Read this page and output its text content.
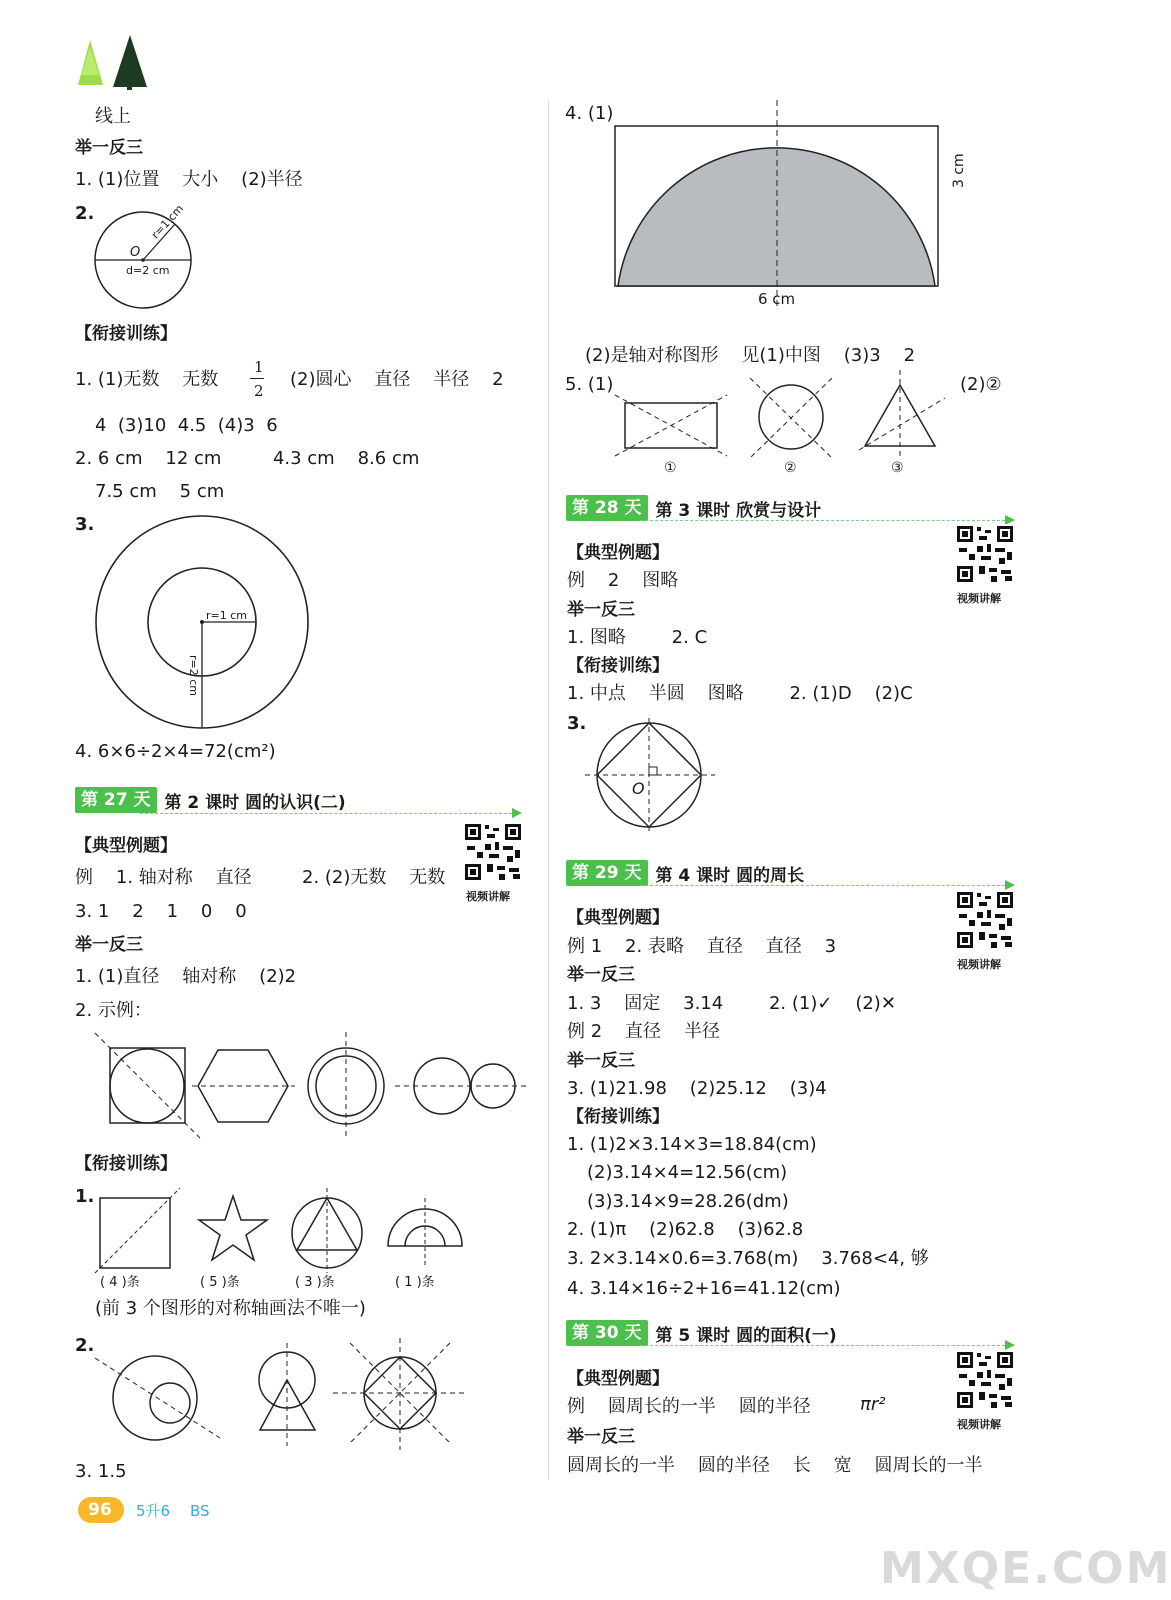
线上
举一反三
1. (1)位置    大小    (2)半径
2.
O
r=1 cm
d=2 cm
【衔接训练】
1. (1)无数    无数
1
2
(2)圆心    直径    半径    2
4  (3)10  4.5  (4)3  6
2. 6 cm    12 cm         4.3 cm    8.6 cm
7.5 cm    5 cm
3.
r=1 cm
r=2 cm
4. 6×6÷2×4=72(cm²)
第 27 天 第 2 课时 圆的认识(二)
【典型例题】
视频讲解
例    1. 轴对称    直径	2. (2)无数    无数
3. 1    2    1    0    0
举一反三
1. (1)直径    轴对称    (2)2
2. 示例：
【衔接训练】
1.
( 4 )条	( 5 )条	( 3 )条	( 1 )条
(前 3 个图形的对称轴画法不唯一)
2.
3. 1.5
96 5升6 BS
4. (1)
3 cm
6 cm
(2)是轴对称图形    见(1)中图    (3)3    2
5. (1)	(2)②
①	②	③
第 28 天 第 3 课时 欣赏与设计
视频讲解
【典型例题】
例    2    图略
举一反三
1. 图略        2. C
【衔接训练】
1. 中点    半圆    图略        2. (1)D    (2)C
3.
O
第 29 天 第 4 课时 圆的周长
视频讲解
【典型例题】
例 1    2. 表略    直径    直径    3
举一反三
1. 3    固定    3.14        2. (1)✓    (2)✕
例 2    直径    半径
举一反三
3. (1)21.98    (2)25.12    (3)4
【衔接训练】
1. (1)2×3.14×3=18.84(cm)
(2)3.14×4=12.56(cm)
(3)3.14×9=28.26(dm)
2. (1)π    (2)62.8    (3)62.8
3. 2×3.14×0.6=3.768(m)    3.768<4, 够
4. 3.14×16÷2+16=41.12(cm)
第 30 天 第 5 课时 圆的面积(一)
视频讲解
【典型例题】
例    圆周长的一半    圆的半径	πr²
举一反三
圆周长的一半    圆的半径    长    宽    圆周长的一半
MXQE.COM
